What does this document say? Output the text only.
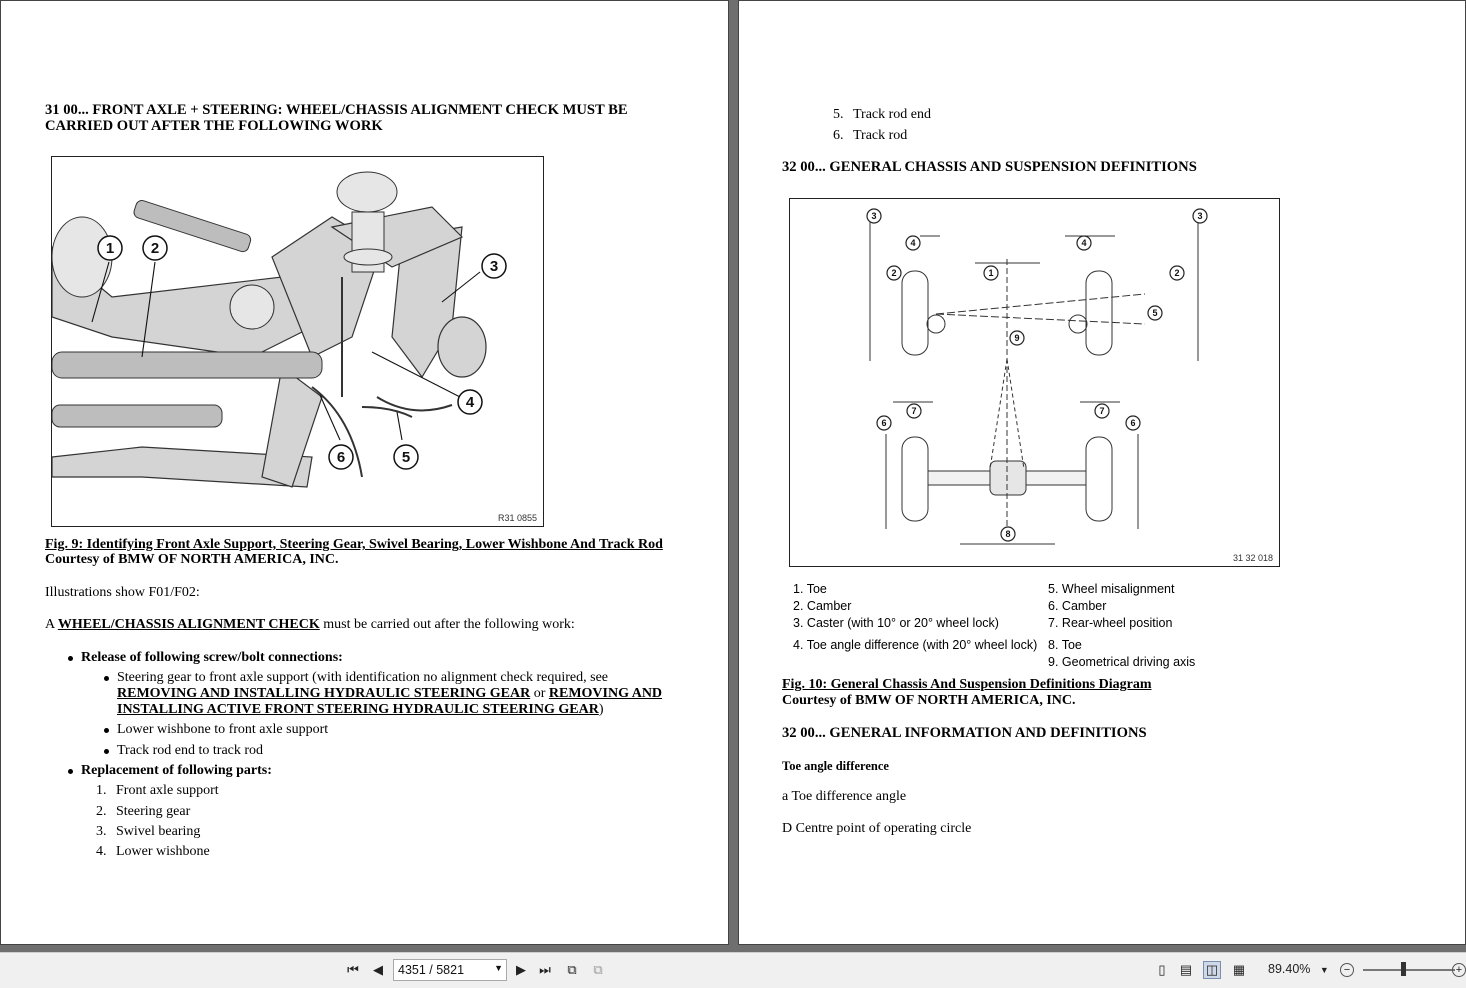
31 00... FRONT AXLE + STEERING: WHEEL/CHASSIS ALIGNMENT CHECK MUST BE
CARRIED OUT AFTER THE FOLLOWING WORK
1 2
3
4
5
6
R31 0855
Fig. 9: Identifying Front Axle Support, Steering Gear, Swivel Bearing, Lower Wishbone And Track Rod
Courtesy of BMW OF NORTH AMERICA, INC.
Illustrations show F01/F02:
A WHEEL/CHASSIS ALIGNMENT CHECK must be carried out after the following work:
Release of following screw/bolt connections:
Steering gear to front axle support (with identification no alignment check required, see
REMOVING AND INSTALLING HYDRAULIC STEERING GEAR or REMOVING AND
INSTALLING ACTIVE FRONT STEERING HYDRAULIC STEERING GEAR)
Lower wishbone to front axle support
Track rod end to track rod
Replacement of following parts:
1. Front axle support
2. Steering gear
3. Swivel bearing
4. Lower wishbone
5. Track rod end
6. Track rod
32 00... GENERAL CHASSIS AND SUSPENSION DEFINITIONS
3	3
4	4
2	2
1
5
9
7	7
6	6
8
31 32 018
1. Toe
2. Camber
3. Caster (with 10° or 20° wheel lock)
4. Toe angle difference (with 20° wheel lock)
5. Wheel misalignment
6. Camber
7. Rear-wheel position
8. Toe
9. Geometrical driving axis
Fig. 10: General Chassis And Suspension Definitions Diagram
Courtesy of BMW OF NORTH AMERICA, INC.
32 00... GENERAL INFORMATION AND DEFINITIONS
Toe angle difference
a Toe difference angle
D Centre point of operating circle
⏮	◀	4351 / 5821	▼	▶	⏭	⧉	⧉	▯	▤ ◫ ▦ 89.40% ▼	−	+
